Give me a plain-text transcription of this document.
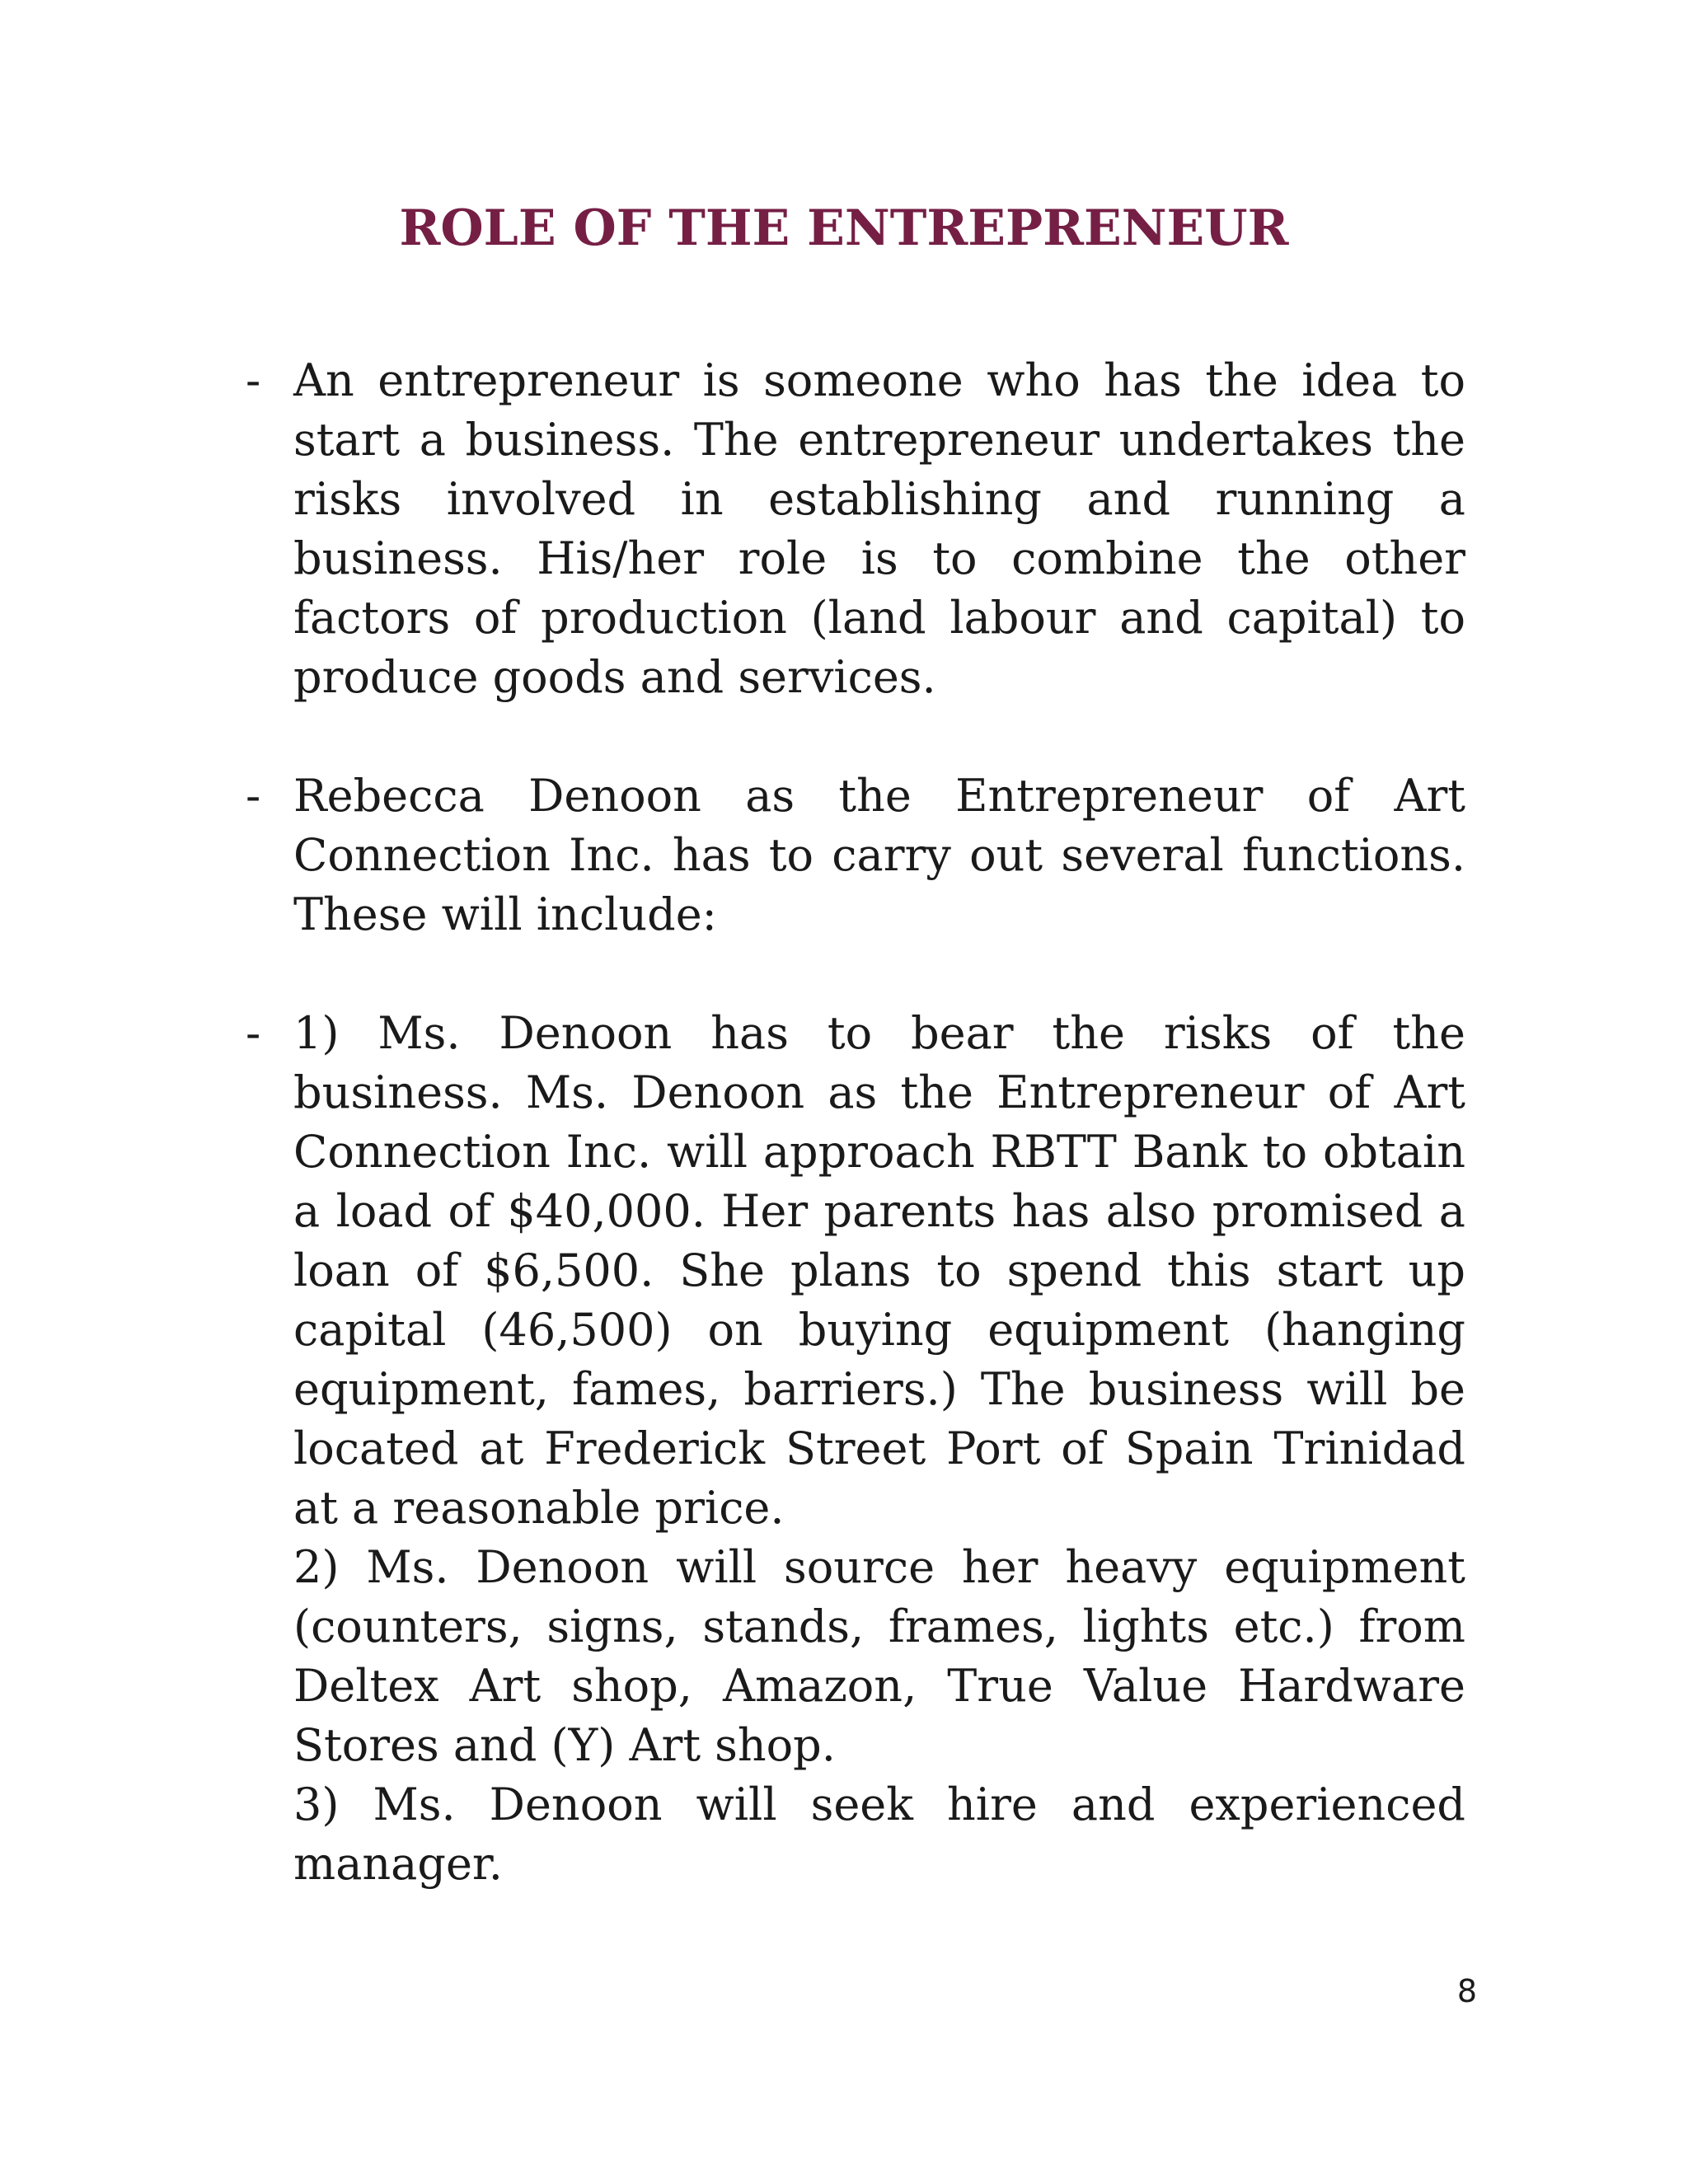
ROLE OF THE ENTREPRENEUR
- An entrepreneur is someone who has the idea to start a business. The entrepreneur undertakes the risks involved in establishing and running a business. His/her role is to combine the other factors of production (land labour and capital) to produce goods and services.

- Rebecca Denoon as the Entrepreneur of Art Connection Inc. has to carry out several functions. These will include:

- 1) Ms. Denoon has to bear the risks of the business. Ms. Denoon as the Entrepreneur of Art Connection Inc. will approach RBTT Bank to obtain a load of $40,000. Her parents has also promised a loan of $6,500. She plans to spend this start up capital (46,500) on buying equipment (hanging equipment, fames, barriers.) The business will be located at Frederick Street Port of Spain Trinidad at a reasonable price.

2) Ms. Denoon will source her heavy equipment (counters, signs, stands, frames, lights etc.) from Deltex Art shop, Amazon, True Value Hardware Stores and (Y) Art shop.

3) Ms. Denoon will seek hire and experienced manager.

8
